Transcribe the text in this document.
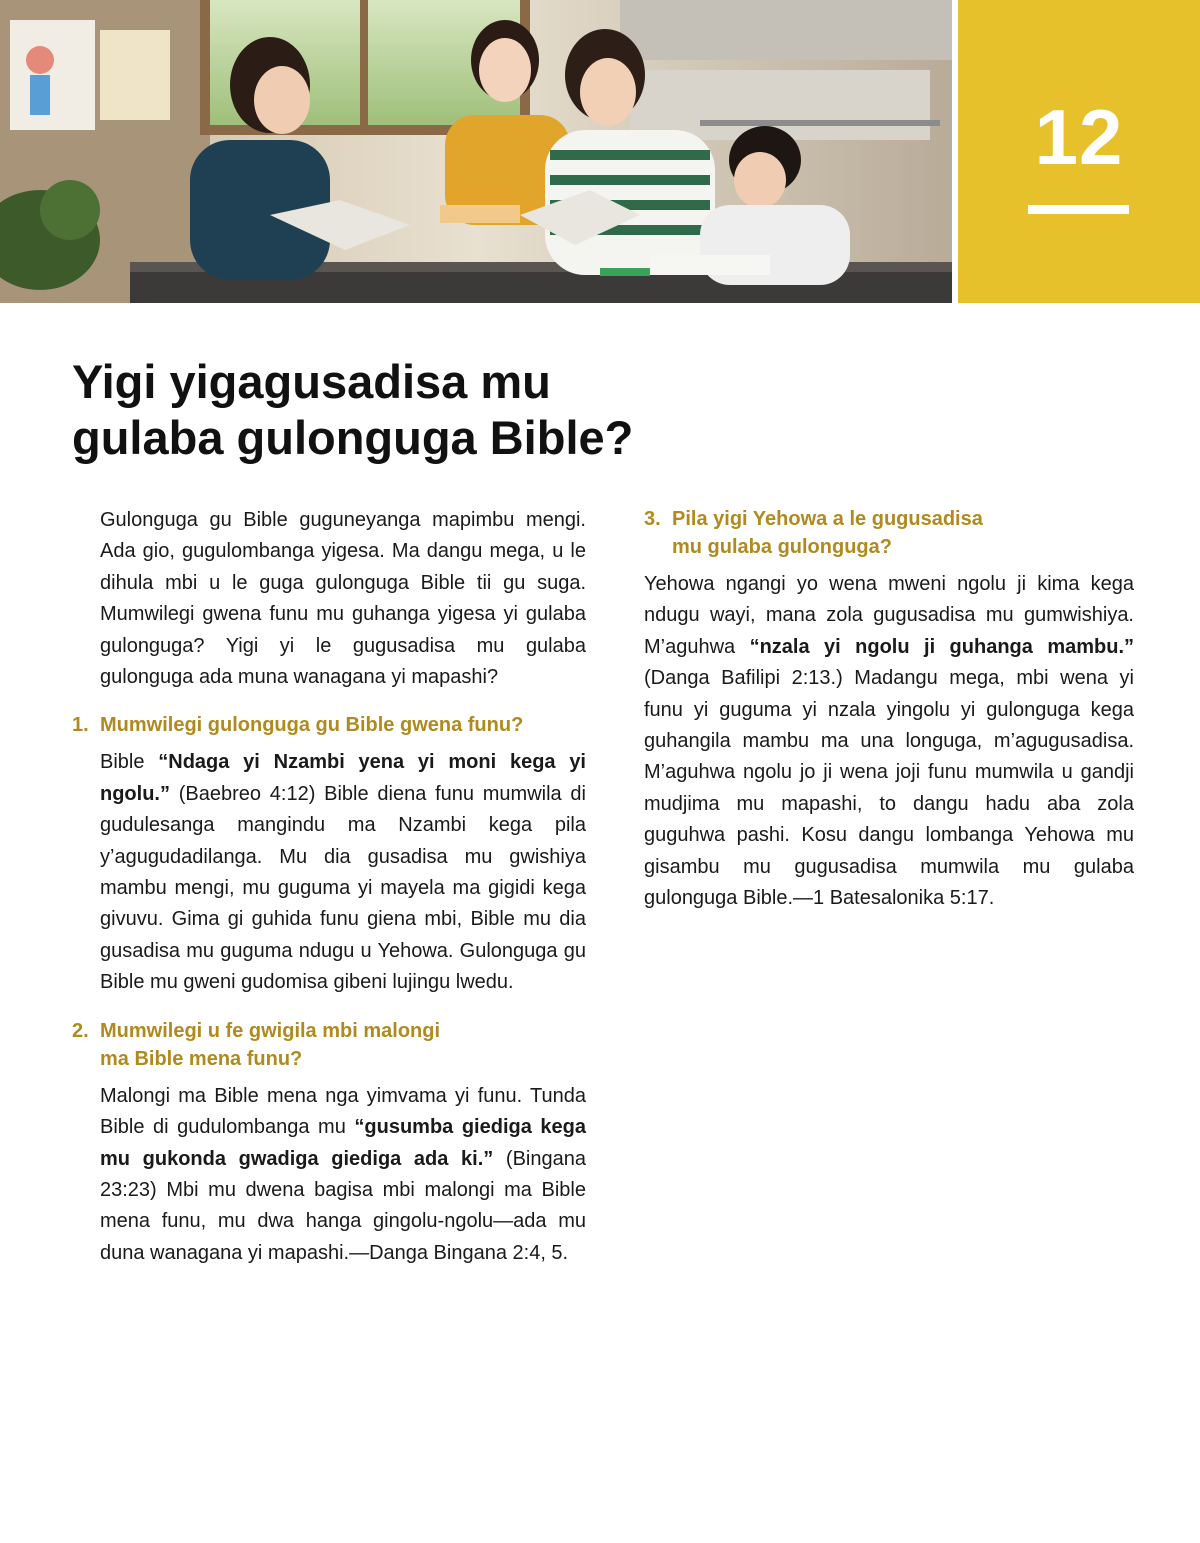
12
Yigi yigagusadisa mu
gulaba gulonguga Bible?

Gulonguga gu Bible guguneyanga mapimbu mengi. Ada gio, gugulombanga yigesa. Ma dangu mega, u le dihula mbi u le guga gulonguga Bible tii gu suga. Mumwilegi gwena funu mu guhanga yigesa yi gulaba gulonguga? Yigi yi le gugusadisa mu gulaba gulonguga ada muna wanagana yi mapashi?

1. Mumwilegi gulonguga gu Bible gwena funu?

Bible “Ndaga yi Nzambi yena yi moni kega yi ngolu.” (Baebreo 4:12) Bible diena funu mumwila di gudulesanga mangindu ma Nzambi kega pila y’agugudadilanga. Mu dia gusadisa mu gwishiya mambu mengi, mu guguma yi mayela ma gigidi kega givuvu. Gima gi guhida funu giena mbi, Bible mu dia gusadisa mu guguma ndugu u Yehowa. Gulonguga gu Bible mu gweni gudomisa gibeni lujingu lwedu.

2. Mumwilegi u fe gwigila mbi malongi
ma Bible mena funu?

Malongi ma Bible mena nga yimvama yi funu. Tunda Bible di gudulombanga mu “gusumba giediga kega mu gukonda gwadiga giediga ada ki.” (Bingana 23:23) Mbi mu dwena bagisa mbi malongi ma Bible mena funu, mu dwa hanga gingolu-ngolu—ada mu duna wanagana yi mapashi.—Danga Bingana 2:4, 5.

3. Pila yigi Yehowa a le gugusadisa
mu gulaba gulonguga?

Yehowa ngangi yo wena mweni ngolu ji kima kega ndugu wayi, mana zola gugusadisa mu gumwishiya. M’aguhwa “nzala yi ngolu ji guhanga mambu.” (Danga Bafilipi 2:13.) Madangu mega, mbi wena yi funu yi guguma yi nzala yingolu yi gulonguga kega guhangila mambu ma una longuga, m’agugusadisa. M’aguhwa ngolu jo ji wena joji funu mumwila u gandji mudjima mu mapashi, to dangu hadu aba zola guguhwa pashi. Kosu dangu lombanga Yehowa mu gisambu mu gugusadisa mumwila mu gulaba gulonguga Bible.—1 Batesalonika 5:17.
